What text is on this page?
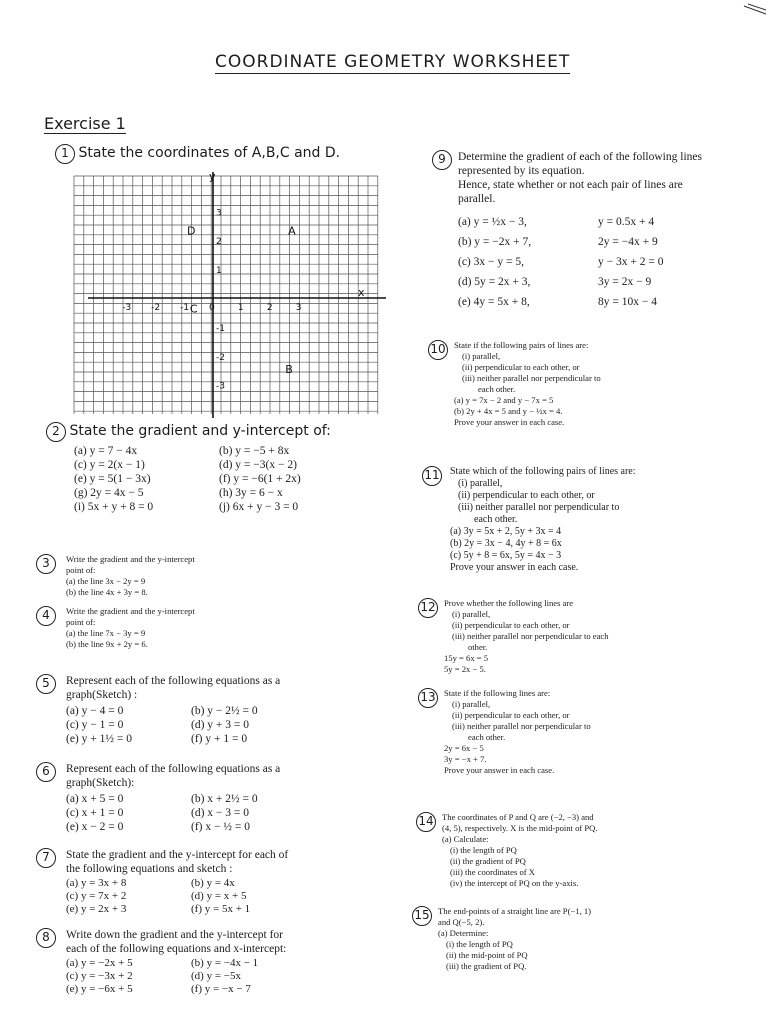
COORDINATE GEOMETRY WORKSHEET
Exercise 1
1 State the coordinates of A,B,C and D.
y
x
-3 -2 -1 0	1	2	3
3
2
1
-1
-2
-3
A
B
C
D
2 State the gradient and y-intercept of:
(a) y = 7 − 4x	(b) y = −5 + 8x
(c) y = 2(x − 1)	(d) y = −3(x − 2)
(e) y = 5(1 − 3x)	(f) y = −6(1 + 2x)
(g) 2y = 4x − 5	(h) 3y = 6 − x
(i) 5x + y + 8 = 0	(j) 6x + y − 3 = 0
3	Write the gradient and the y-intercept
point of:
(a) the line 3x − 2y = 9
(b) the line 4x + 3y = 8.
4	Write the gradient and the y-intercept
point of:
(a) the line 7x − 3y = 9
(b) the line 9x + 2y = 6.
5	Represent each of the following equations as a
graph(Sketch) :
(a) y − 4 = 0	(b) y − 2½ = 0
(c) y − 1 = 0	(d) y + 3 = 0
(e) y + 1½ = 0	(f) y + 1 = 0
6	Represent each of the following equations as a
graph(Sketch):
(a) x + 5 = 0	(b) x + 2½ = 0
(c) x + 1 = 0	(d) x − 3 = 0
(e) x − 2 = 0	(f) x − ½ = 0
7	State the gradient and the y-intercept for each of
the following equations and sketch :
(a) y = 3x + 8	(b) y = 4x
(c) y = 7x + 2	(d) y = x + 5
(e) y = 2x + 3	(f) y = 5x + 1
8	Write down the gradient and the y-intercept for
each of the following equations and x-intercept:
(a) y = −2x + 5	(b) y = −4x − 1
(c) y = −3x + 2	(d) y = −5x
(e) y = −6x + 5	(f) y = −x − 7
9	Determine the gradient of each of the following lines
represented by its equation.
Hence, state whether or not each pair of lines are
parallel.
(a) y = ½x − 3,	y = 0.5x + 4
(b) y = −2x + 7,	2y = −4x + 9
(c) 3x − y = 5,	y − 3x + 2 = 0
(d) 5y = 2x + 3,	3y = 2x − 9
(e) 4y = 5x + 8,	8y = 10x − 4
10 State if the following pairs of lines are:
(i) parallel,
(ii) perpendicular to each other, or
(iii) neither parallel nor perpendicular to
each other.
(a) y = 7x − 2 and y − 7x = 5
(b) 2y + 4x = 5 and y − ½x = 4.
Prove your answer in each case.
11 State which of the following pairs of lines are:
(i) parallel,
(ii) perpendicular to each other, or
(iii) neither parallel nor perpendicular to
each other.
(a) 3y = 5x + 2, 5y + 3x = 4
(b) 2y = 3x − 4, 4y + 8 = 6x
(c) 5y + 8 = 6x, 5y = 4x − 3
Prove your answer in each case.
12 Prove whether the following lines are
(i) parallel,
(ii) perpendicular to each other, or
(iii) neither parallel nor perpendicular to each
other.
15y = 6x = 5
5y = 2x − 5.
13 State if the following lines are:
(i) parallel,
(ii) perpendicular to each other, or
(iii) neither parallel nor perpendicular to
each other.
2y = 6x − 5
3y = −x + 7.
Prove your answer in each case.
14 The coordinates of P and Q are (−2, −3) and
(4, 5), respectively. X is the mid-point of PQ.
(a) Calculate:
(i) the length of PQ
(ii) the gradient of PQ
(iii) the coordinates of X
(iv) the intercept of PQ on the y-axis.
15 The end-points of a straight line are P(−1, 1)
and Q(−5, 2).
(a) Determine:
(i) the length of PQ
(ii) the mid-point of PQ
(iii) the gradient of PQ.
